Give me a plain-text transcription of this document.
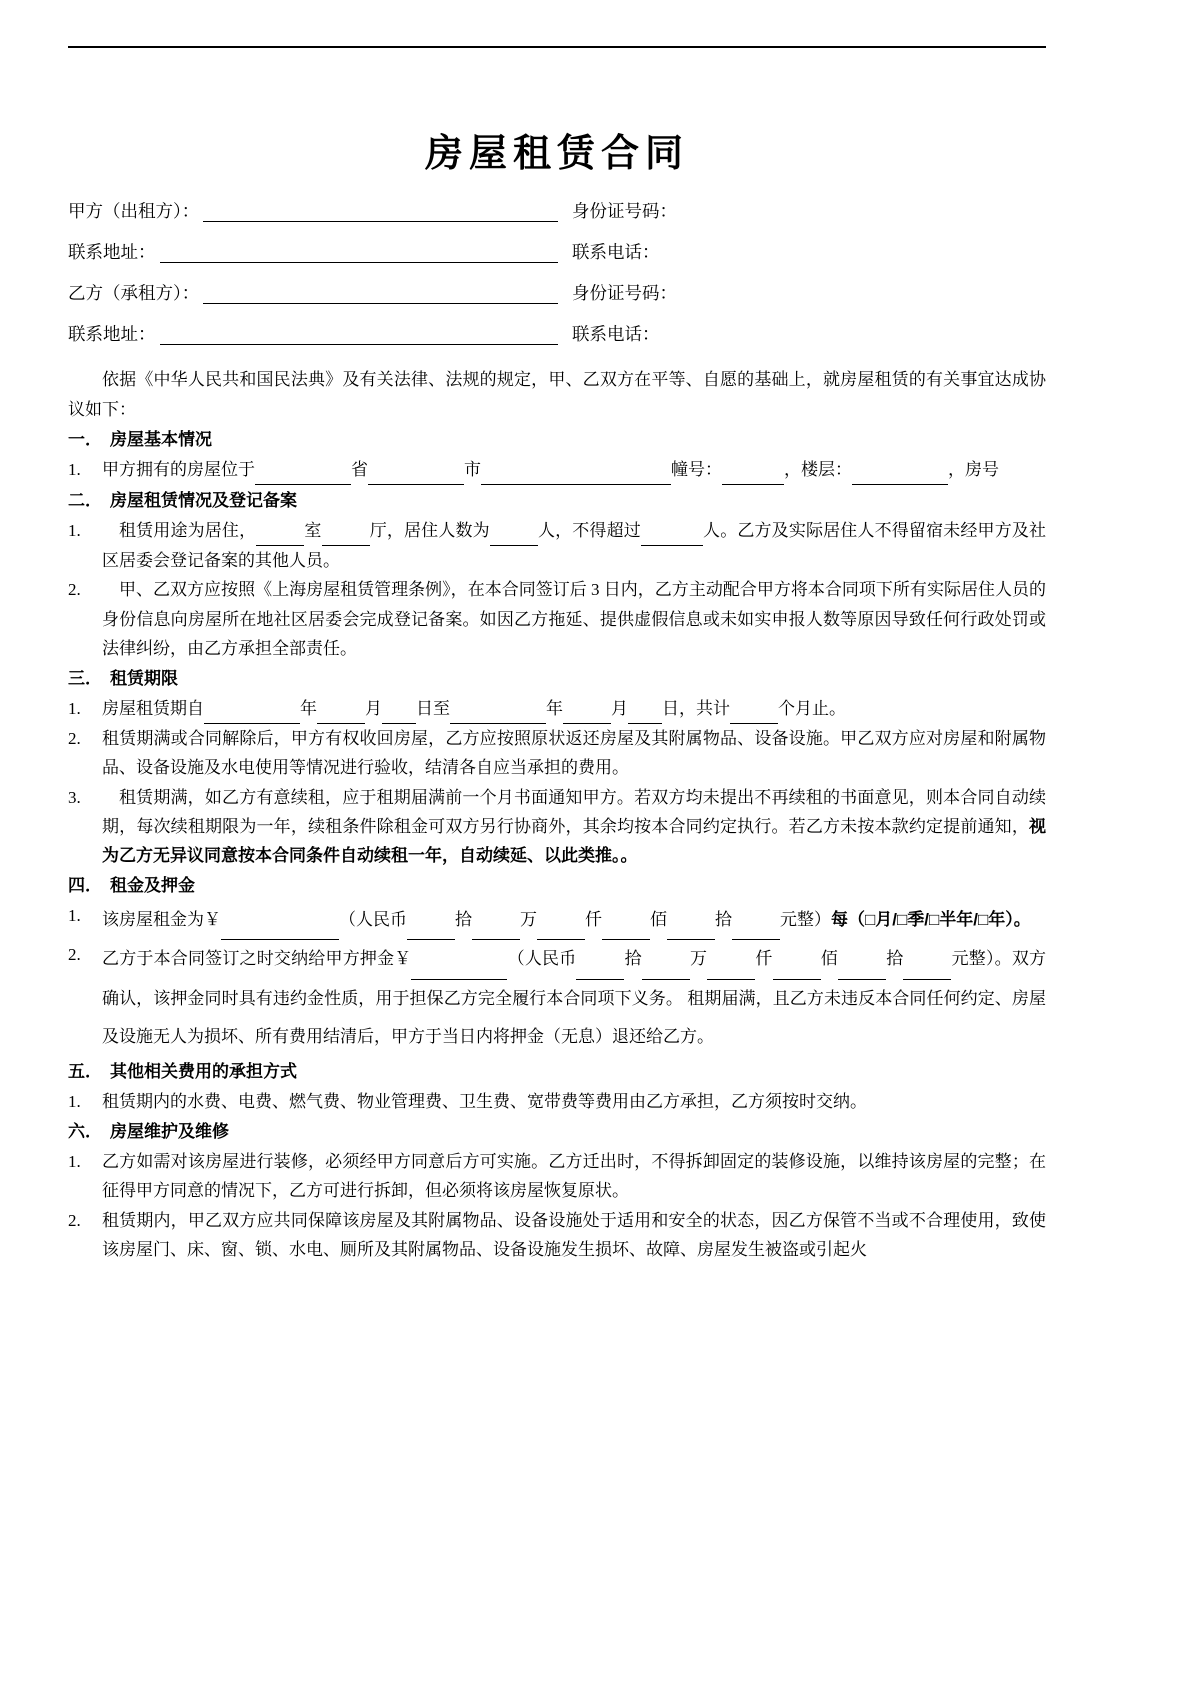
房屋租赁合同
甲方（出租方）：	身份证号码：
联系地址：	联系电话：
乙方（承租方）：	身份证号码：
联系地址：	联系电话：

依据《中华人民共和国民法典》及有关法律、法规的规定，甲、乙双方在平等、自愿的基础上，就房屋租赁的有关事宜达成协议如下：

一． 房屋基本情况
1.	甲方拥有的房屋位于	省	市	幢号：	，楼层：	，房号
二． 房屋租赁情况及登记备案
1.	租赁用途为居住，	室	厅，居住人数为	人，不得超过	人。乙方及实际居住人不得留宿未经甲方及社区居委会登记备案的其他人员。
2.	甲、乙双方应按照《上海房屋租赁管理条例》，在本合同签订后 3 日内，乙方主动配合甲方将本合同项下所有实际居住人员的身份信息向房屋所在地社区居委会完成登记备案。如因乙方拖延、提供虚假信息或未如实申报人数等原因导致任何行政处罚或法律纠纷，由乙方承担全部责任。
三． 租赁期限
1.	房屋租赁期自	年	月 日至	年	月 日，共计	个月止。
2.	租赁期满或合同解除后，甲方有权收回房屋，乙方应按照原状返还房屋及其附属物品、设备设施。甲乙双方应对房屋和附属物品、设备设施及水电使用等情况进行验收，结清各自应当承担的费用。
3.	租赁期满，如乙方有意续租，应于租期届满前一个月书面通知甲方。若双方均未提出不再续租的书面意见，则本合同自动续期，每次续租期限为一年，续租条件除租金可双方另行协商外，其余均按本合同约定执行。若乙方未按本款约定提前通知，视为乙方无异议同意按本合同条件自动续租一年，自动续延、以此类推。。
四． 租金及押金
1.	该房屋租金为￥	（人民币	拾	万	仟	佰	拾	元整）每（□月/□季/□半年/□年）。
2.	乙方于本合同签订之时交纳给甲方押金￥	（人民币	拾	万	仟	佰	拾	元整）。双方确认，该押金同时具有违约金性质，用于担保乙方完全履行本合同项下义务。 租期届满，且乙方未违反本合同任何约定、房屋及设施无人为损坏、所有费用结清后，甲方于当日内将押金（无息）退还给乙方。
五． 其他相关费用的承担方式
1.	租赁期内的水费、电费、燃气费、物业管理费、卫生费、宽带费等费用由乙方承担，乙方须按时交纳。
六． 房屋维护及维修
1.	乙方如需对该房屋进行装修，必须经甲方同意后方可实施。乙方迁出时，不得拆卸固定的装修设施，以维持该房屋的完整；在征得甲方同意的情况下，乙方可进行拆卸，但必须将该房屋恢复原状。
2.	租赁期内，甲乙双方应共同保障该房屋及其附属物品、设备设施处于适用和安全的状态，因乙方保管不当或不合理使用，致使该房屋门、床、窗、锁、水电、厕所及其附属物品、设备设施发生损坏、故障、房屋发生被盗或引起火
